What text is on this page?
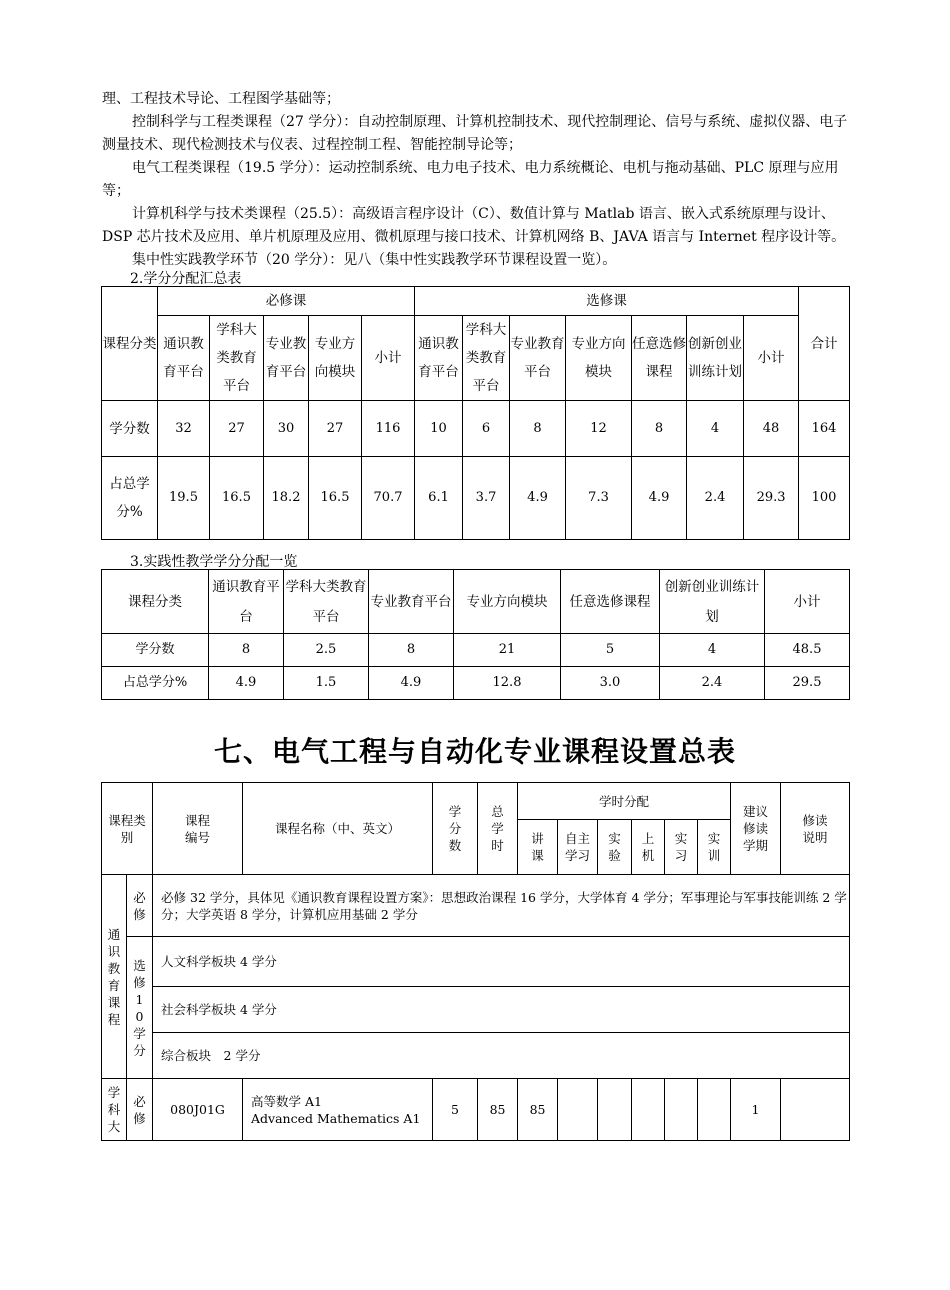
理、工程技术导论、工程图学基础等；
控制科学与工程类课程（27 学分）：自动控制原理、计算机控制技术、现代控制理论、信号与系统、虚拟仪器、电子测量技术、现代检测技术与仪表、过程控制工程、智能控制导论等；
电气工程类课程（19.5 学分）：运动控制系统、电力电子技术、电力系统概论、电机与拖动基础、PLC 原理与应用等；
计算机科学与技术类课程（25.5）：高级语言程序设计（C）、数值计算与 Matlab 语言、嵌入式系统原理与设计、DSP 芯片技术及应用、单片机原理及应用、微机原理与接口技术、计算机网络 B、JAVA 语言与 Internet 程序设计等。
集中性实践教学环节（20 学分）：见八（集中性实践教学环节课程设置一览）。
2.学分分配汇总表
课程分类	必修课					选修课							合计
	通识教育平台	学科大类教育平台	专业教育平台	专业方向模块	小计	通识教育平台	学科大类教育平台	专业教育平台	专业方向模块	任意选修课程	创新创业训练计划	小计	
学分数	32	27	30	27	116	10	6	8	12	8	4	48	164
占总学分%	19.5	16.5	18.2	16.5	70.7	6.1	3.7	4.9	7.3	4.9	2.4	29.3	100
3.实践性教学学分分配一览
课程分类	通识教育平台	学科大类教育平台	专业教育平台	专业方向模块	任意选修课程	创新创业训练计划	小计
学分数	8	2.5	8	21	5	4	48.5
占总学分%	4.9	1.5	4.9	12.8	3.0	2.4	29.5
七、电气工程与自动化专业课程设置总表
课程类别		课程编号	课程名称（中、英文）	学分数	总学时	学时分配						建议修读学期	修读说明
						讲课	自主学习	实验	上机	实习	实训		
通识教育课程	必修	必修 32 学分，具体见《通识教育课程设置方案》：思想政治课程 16 学分，大学体育 4 学分；军事理论与军事技能训练 2 学分；大学英语 8 学分，计算机应用基础 2 学分											
	选修10学分	人文科学板块 4 学分											
		社会科学板块 4 学分											
		综合板块　2 学分											
学科大	必修	080J01G	高等数学 A1
Advanced Mathematics A1	5	85	85						1	
